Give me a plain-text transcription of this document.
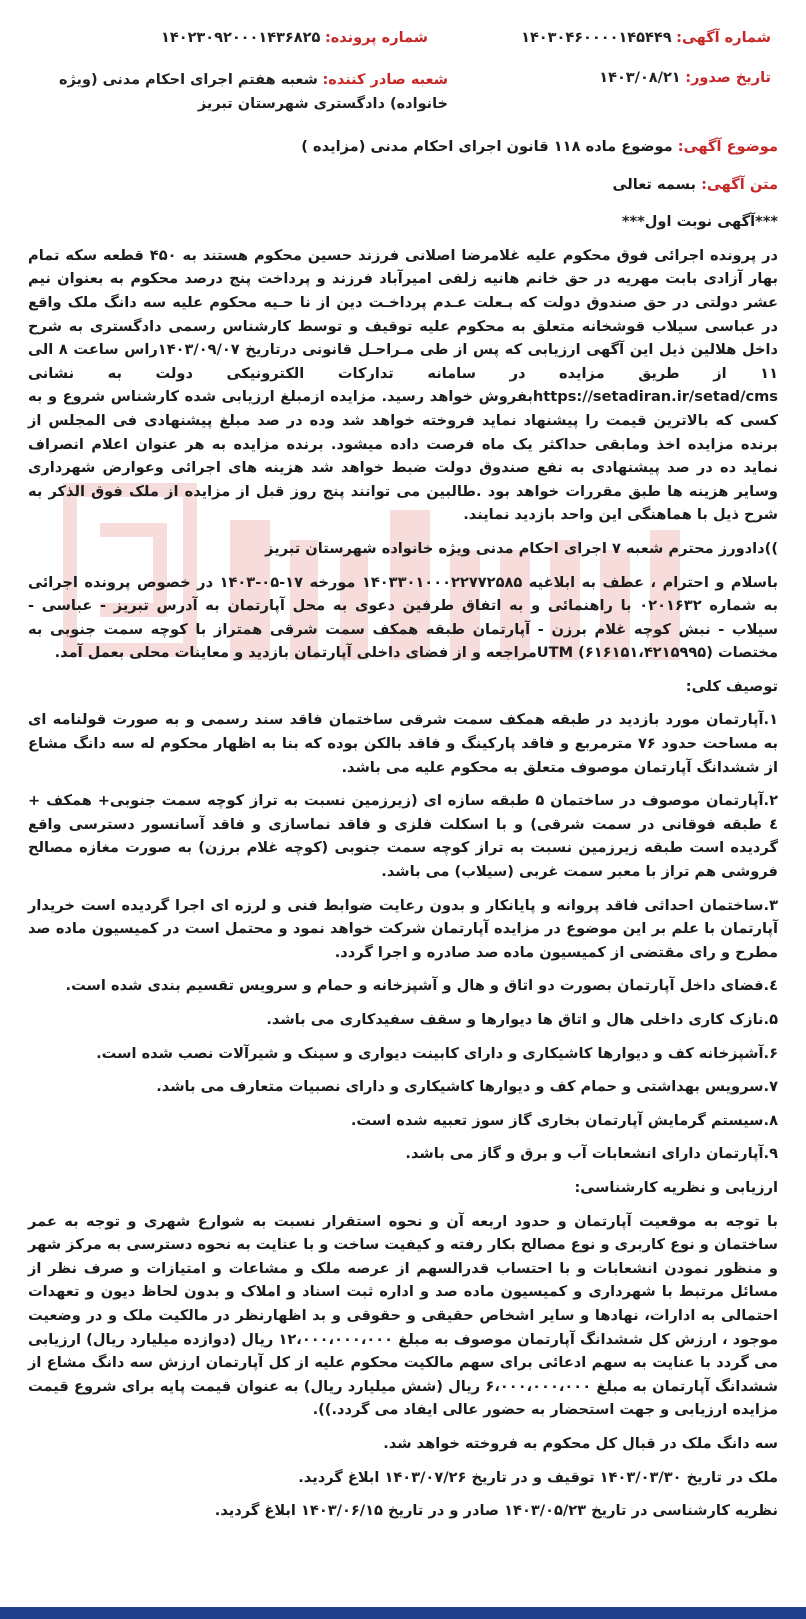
شماره آگهی: ۱۴۰۳۰۴۶۰۰۰۰۱۴۵۴۴۹
شماره پرونده: ۱۴۰۲۳۰۹۲۰۰۰۱۴۳۶۸۲۵
تاریخ صدور: ۱۴۰۳/۰۸/۲۱
شعبه صادر کننده: شعبه هفتم اجرای احکام مدنی (ویژه خانواده) دادگستری شهرستان تبریز

موضوع آگهی: موضوع ماده ۱۱۸ قانون اجرای احکام مدنی (مزایده )

متن آگهی: بسمه تعالی

***آگهی نوبت اول***

در پرونده اجرائی فوق محکوم علیه غلامرضا اصلانی فرزند حسین محکوم هستند به ۴۵۰ قطعه سکه تمام بهار آزادی بابت مهریه در حق خانم هانیه زلفی امیرآباد فرزند و پرداخت پنج درصد محکوم به بعنوان نیم عشر دولتی در حق صندوق دولت که بـعلت عـدم پرداخـت دین از نا حـیه محکوم علیه سه دانگ ملک واقع در عباسی سیلاب قوشخانه متعلق به محکوم علیه توقیف و توسط کارشناس رسمی دادگستری به شرح داخل هلالین ذیل این آگهی ارزیابی که پس از طی مـراحـل قانونی درتاریخ ۱۴۰۳/۰۹/۰۷راس ساعت ۸ الی ۱۱ از طریق مزایده در سامانه تدارکات الکترونیکی دولت به نشانی https://setadiran.ir/setad/cmsبفروش خواهد رسید. مزایده ازمبلغ ارزیابی شده کارشناس شروع و به کسی که بالاترین قیمت را پیشنهاد نماید فروخته خواهد شد وده در صد مبلغ پیشنهادی فی المجلس از برنده مزایده اخذ ومابقی حداکثر یک ماه فرصت داده میشود. برنده مزایده به هر عنوان اعلام انصراف نماید ده در صد پیشنهادی به نفع صندوق دولت ضبط خواهد شد هزینه های اجرائی وعوارض شهرداری وسایر هزینه ها طبق مقررات خواهد بود .طالبین می توانند پنج روز قبل از مزایده از ملک فوق الذکر به شرح ذیل با هماهنگی این واحد بازدید نمایند.

))دادورز محترم شعبه ۷ اجرای احکام مدنی ویژه خانواده شهرستان تبریز

باسلام و احترام ، عطف به ابلاغیه ۱۴۰۳۳۰۱۰۰۰۲۲۷۷۲۵۸۵ مورخه ۱۷-۰۵-۱۴۰۳ در خصوص پرونده اجرائی به شماره ۰۲۰۱۶۳۲ با راهنمائی و به اتفاق طرفین دعوی به محل آپارتمان به آدرس تبریز - عباسی - سیلاب - نبش کوچه غلام برزن - آپارتمان طبقه همکف سمت شرقی همتراز با کوچه سمت جنوبی به مختصات (۶۱۶۱۵۱،۴۲۱۵۹۹۵) UTMمراجعه و از فضای داخلی آپارتمان بازدید و معاینات محلی بعمل آمد.

توصیف کلی:

۱.آپارتمان مورد بازدید در طبقه همکف سمت شرقی ساختمان فاقد سند رسمی و به صورت قولنامه ای به مساحت حدود ۷۶ مترمربع و فاقد پارکینگ و فاقد بالکن بوده که بنا به اظهار محکوم له سه دانگ مشاع از ششدانگ آپارتمان موصوف متعلق به محکوم علیه می باشد.

۲.آپارتمان موصوف در ساختمان ۵ طبقه سازه ای (زیرزمین نسبت به تراز کوچه سمت جنوبی+ همکف + ٤ طبقه فوقانی در سمت شرقی) و با اسکلت فلزی و فاقد نماسازی و فاقد آسانسور دسترسی واقع گردیده است طبقه زیرزمین نسبت به تراز کوچه سمت جنوبی (کوچه غلام برزن) به صورت مغازه مصالح فروشی هم تراز با معبر سمت غربی (سیلاب) می باشد.

۳.ساختمان احداثی فاقد پروانه و پایانکار و بدون رعایت ضوابط فنی و لرزه ای اجرا گردیده است خریدار آپارتمان با علم بر این موضوع در مزایده آپارتمان شرکت خواهد نمود و محتمل است در کمیسیون ماده صد مطرح و رای مقتضی از کمیسیون ماده صد صادره و اجرا گردد.

٤.فضای داخل آپارتمان بصورت دو اتاق و هال و آشپزخانه و حمام و سرویس تقسیم بندی شده است.

۵.نازک کاری داخلی هال و اتاق ها دیوارها و سقف سفیدکاری می باشد.

۶.آشپزخانه کف و دیوارها کاشیکاری و دارای کابینت دیواری و سینک و شیرآلات نصب شده است.

۷.سرویس بهداشتی و حمام کف و دیوارها کاشیکاری و دارای نصبیات متعارف می باشد.

۸.سیستم گرمایش آپارتمان بخاری گاز سوز تعبیه شده است.

۹.آپارتمان دارای انشعابات آب و برق و گاز می باشد.

ارزیابی و نظریه کارشناسی:

با توجه به موقعیت آپارتمان و حدود اربعه آن و نحوه استقرار نسبت به شوارع شهری و توجه به عمر ساختمان و نوع کاربری و نوع مصالح بکار رفته و کیفیت ساخت و با عنایت به نحوه دسترسی به مرکز شهر و منظور نمودن انشعابات و با احتساب قدرالسهم از عرصه ملک و مشاعات و امتیازات و صرف نظر از مسائل مرتبط با شهرداری و کمیسیون ماده صد و اداره ثبت اسناد و املاک و بدون لحاظ دیون و تعهدات احتمالی به ادارات، نهادها و سایر اشخاص حقیقی و حقوقی و بد اظهارنظر در مالکیت ملک و در وضعیت موجود ، ارزش کل ششدانگ آپارتمان موصوف به مبلغ ۱۲،۰۰۰،۰۰۰،۰۰۰ ریال (دوازده میلیارد ریال) ارزیابی می گردد با عنایت به سهم ادعائی برای سهم مالکیت محکوم علیه از کل آپارتمان ارزش سه دانگ مشاع از ششدانگ آپارتمان به مبلغ ۶،۰۰۰،۰۰۰،۰۰۰ ریال (شش میلیارد ریال) به عنوان قیمت پایه برای شروع قیمت مزایده ارزیابی و جهت استحضار به حضور عالی ایفاد می گردد.)).

سه دانگ ملک در قبال کل محکوم به فروخته خواهد شد.

ملک در تاریخ ۱۴۰۳/۰۳/۳۰ توقیف و در تاریخ ۱۴۰۳/۰۷/۲۶ ابلاغ گردید.

نظریه کارشناسی در تاریخ ۱۴۰۳/۰۵/۲۳ صادر و در تاریخ ۱۴۰۳/۰۶/۱۵ ابلاغ گردید.
